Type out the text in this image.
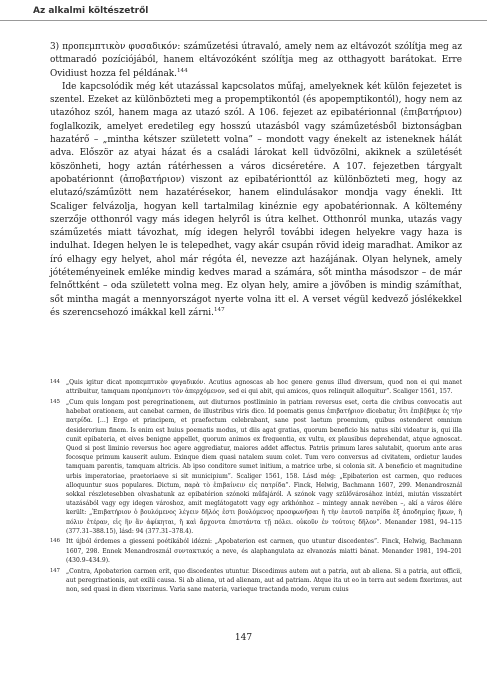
Az alkalmi költészetről

3) προπεμπτικὸν φυσαδικόν: száműzetési útravaló, amely nem az eltávozót szólítja meg az ottmaradó pozíciójából, hanem eltávozóként szólítja meg az otthagyott barátokat. Erre Ovidiust hozza fel példának.$^{144}$

Ide kapcsolódik még két utazással kapcsolatos műfaj, amelyeknek két külön fejezetet is szentel. Ezeket az különbözteti meg a propemptikontól (és apopemptikontól), hogy nem az utazóhoz szól, hanem maga az utazó szól. A 106. fejezet az epibatérionnal (ἐπιβατήριον) foglalkozik, amelyet eredetileg egy hosszú utazásból vagy száműzetésből biztonságban hazatérő – „mintha kétszer született volna” – mondott vagy énekelt az isteneknek hálát adva. Először az atyai házat és a családi lárokat kell üdvözölni, akiknek a születését köszönheti, hogy aztán rátérhessen a város dicséretére. A 107. fejezetben tárgyalt apobatérionnt (ἀποβατήριον) viszont az epibatérionttól az különbözteti meg, hogy az elutazó/száműzött nem hazatérésekor, hanem elindulásakor mondja vagy énekli. Itt Scaliger felvázolja, hogyan kell tartalmilag kinéznie egy apobatérionnak. A költemény szerzője otthonról vagy más idegen helyről is útra kelhet. Otthonról munka, utazás vagy száműzetés miatt távozhat, míg idegen helyről további idegen helyekre vagy haza is indulhat. Idegen helyen le is telepedhet, vagy akár csupán rövid ideig maradhat. Amikor az író elhagy egy helyet, ahol már régóta él, nevezze azt hazájának. Olyan helynek, amely jótéteményeinek emléke mindig kedves marad a számára, sőt mintha másodszor – de már felnőttként – oda született volna meg. Ez olyan hely, amire a jövőben is mindig számíthat, sőt mintha magát a mennyországot nyerte volna itt el. A verset végül kedvező jóslékekkel és szerencsehozó imákkal kell zárni.$^{147}$

144 „Quis igitur dicat προπεμπτικὸν φυγαδικόν. Acutius agnoscas ab hoc genere genus illud diversum, quod non ei qui manet attribuitur, tamquam προπέμποντι τὸν ἀπερχόμενον, sed ei qui abit, qui amicos, quos relinquit alloquitur”. Scaliger 1561, 157.
145 „Cum quis longam post peregrinationem, aut diuturnos postliminio in patriam reversus eset, certa die civibus convocatis aut habebat orationem, aut canebat carmen, de illustribus viris dico. Id poematis genus ἐπιβατήριον dicebatur, ὅτι ἐπιβέβηκε ἐς τὴν πατρίδα. […] Ergo et principem, et praefectum celebrabant, sane post laetum proemium, quibus ostenderet omnium desiderorium finem. Is enim est huius poematis modus, ut diis agat gratias, quorum beneficio his natus sibi videatur is, qui illa cunit epibateria, et eives benigne appellet, quorum animos ex frequentia, ex vultu, ex plausibus deprehendat, atque agnoscat. Quod si post liminio reversus hoc agere aggrediatur, maiores addet affectus. Patriis primum lares salutabit, quorum ante aras focosque primum kauserit aulum. Exinque diem quasi natalem suum colet. Tum vero conversus ad civitatem, ordietur laudes tamquam parentis, tamquam altricis. Ab ipso conditore sumet initium, a matrice urbe, si colonia sit. A beneficio et magnitudine urbis imperatoriae, praetoriaeve si sit municipium”. Scaliger 1561, 158. Lásd még: „Epibaterion est carmen, quo reduces alloquuntur suos populares. Dictum, παρὰ τὸ ἐπιβαίνειν εἰς πατρίδα”. Finck, Helwig, Bachmann 1607, 299. Menandrosznál sokkal részletesebben olvashatunk az epibatérion szónoki műfajáról. A szónok vagy szülővárosához intézi, miután visszatért utazásából vagy egy idegen városhoz, amit meglátogatott vagy egy arkhónhoz – mintegy annak nevében –, akí a város élére került: „Ἐπιβατήριον ὁ βουλόμενος λέγειν δῆλός ἐστι βουλόμενος προσφωνῆσαι ἢ τὴν ἑαυτοῦ πατρίδα ἐξ ἀποδημίας ἥκων, ἢ πόλιν ἑτέραν, εἰς ἣν ἂν ἀφίκηται, ἢ καὶ ἄρχοντα ἐπιστάντα τῇ πόλει. οὐκοῦν ἐν τούτοις δῆλον”. Menander 1981, 94–115 (377.31–388.15), lásd: 94 (377.31–378.4).
146 Itt újból érdemes a giesseni poétikából idézni: „Apobaterion est carmen, quo utuntur discedentes”. Finck, Helwig, Bachmann 1607, 298. Ennek Menandrosznál συντακτικός a neve, és alaphangulata az elvanozás miatti bánat. Menander 1981, 194–201 (430.9–434.9).
147 „Contra, Apobaterion carmen erit, quo discedentes utuntur. Discedimus autem aut a patria, aut ab aliena. Si a patria, aut officii, aut peregrinationis, aut exilii causa. Si ab aliena, ut ad alienam, aut ad patriam. Atque ita ut eo in terra aut sedem fixerimus, aut non, sed quasi in diem vixerimus. Varia sane materia, varieque tractanda modo, verum cuius
147
